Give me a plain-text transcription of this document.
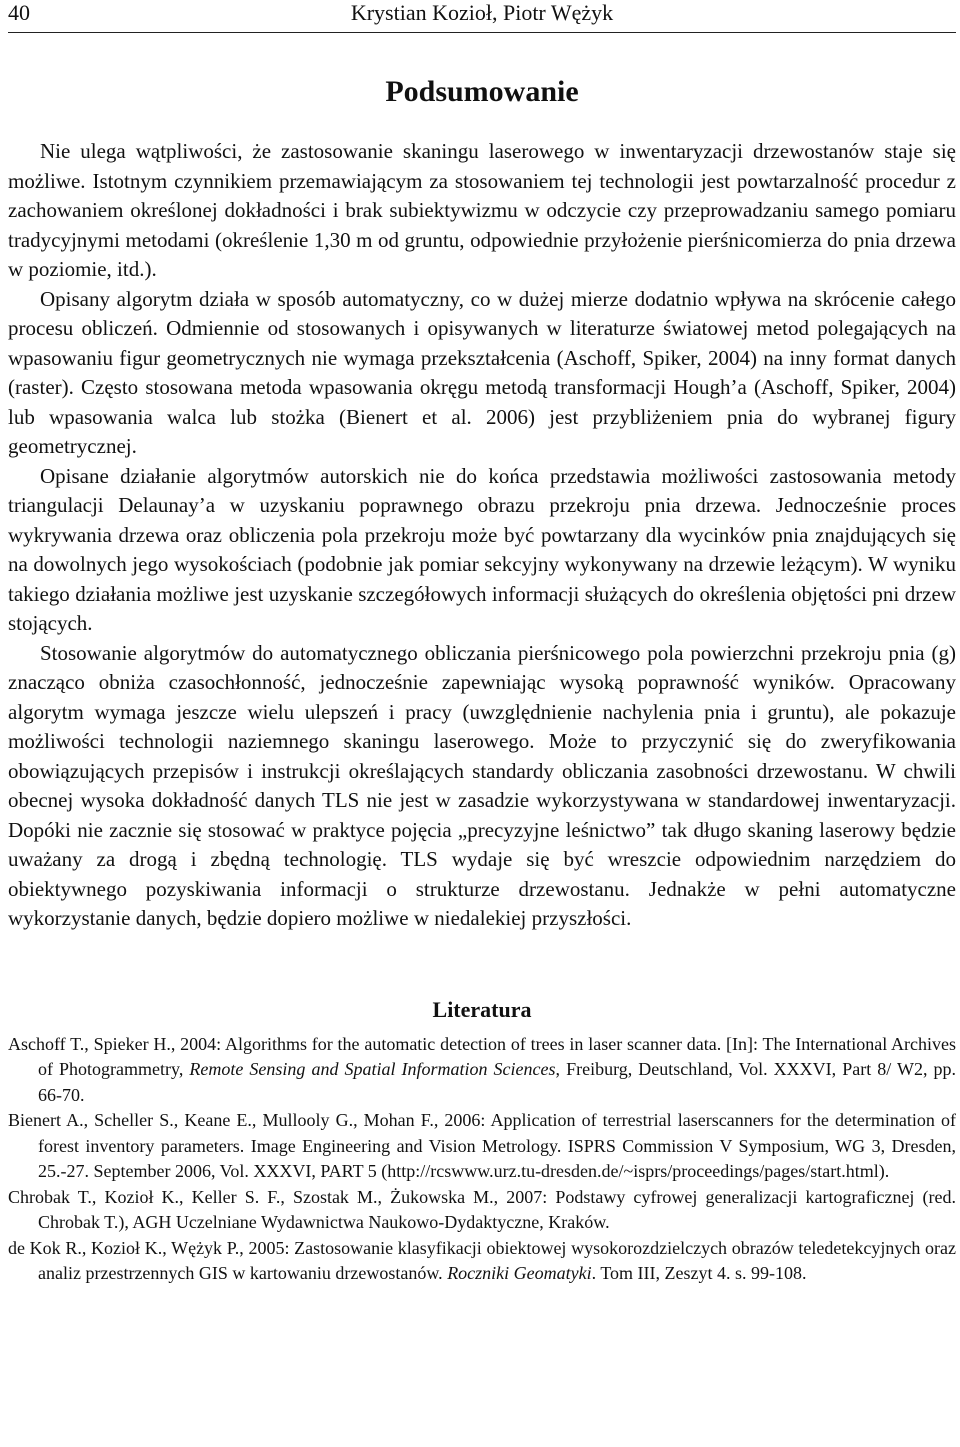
40	Krystian Kozioł, Piotr Wężyk
Podsumowanie

Nie ulega wątpliwości, że zastosowanie skaningu laserowego w inwentaryzacji drzewostanów staje się możliwe. Istotnym czynnikiem przemawiającym za stosowaniem tej technologii jest powtarzalność procedur z zachowaniem określonej dokładności i brak subiektywizmu w odczycie czy przeprowadzaniu samego pomiaru tradycyjnymi metodami (określenie 1,30 m od gruntu, odpowiednie przyłożenie pierśnicomierza do pnia drzewa w poziomie, itd.).

Opisany algorytm działa w sposób automatyczny, co w dużej mierze dodatnio wpływa na skrócenie całego procesu obliczeń. Odmiennie od stosowanych i opisywanych w literaturze światowej metod polegających na wpasowaniu figur geometrycznych nie wymaga przekształcenia (Aschoff, Spiker, 2004) na inny format danych (raster). Często stosowana metoda wpasowania okręgu metodą transformacji Hough’a (Aschoff, Spiker, 2004) lub wpasowania walca lub stożka (Bienert et al. 2006) jest przybliżeniem pnia do wybranej figury geometrycznej.

Opisane działanie algorytmów autorskich nie do końca przedstawia możliwości zastosowania metody triangulacji Delaunay’a w uzyskaniu poprawnego obrazu przekroju pnia drzewa. Jednocześnie proces wykrywania drzewa oraz obliczenia pola przekroju może być powtarzany dla wycinków pnia znajdujących się na dowolnych jego wysokościach (podobnie jak pomiar sekcyjny wykonywany na drzewie leżącym). W wyniku takiego działania możliwe jest uzyskanie szczegółowych informacji służących do określenia objętości pni drzew stojących.

Stosowanie algorytmów do automatycznego obliczania pierśnicowego pola powierzchni przekroju pnia (g) znacząco obniża czasochłonność, jednocześnie zapewniając wysoką poprawność wyników. Opracowany algorytm wymaga jeszcze wielu ulepszeń i pracy (uwzględnienie nachylenia pnia i gruntu), ale pokazuje możliwości technologii naziemnego skaningu laserowego. Może to przyczynić się do zweryfikowania obowiązujących przepisów i instrukcji określających standardy obliczania zasobności drzewostanu. W chwili obecnej wysoka dokładność danych TLS nie jest w zasadzie wykorzystywana w standardowej inwentaryzacji. Dopóki nie zacznie się stosować w praktyce pojęcia „precyzyjne leśnictwo” tak długo skaning laserowy będzie uważany za drogą i zbędną technologię. TLS wydaje się być wreszcie odpowiednim narzędziem do obiektywnego pozyskiwania informacji o strukturze drzewostanu. Jednakże w pełni automatyczne wykorzystanie danych, będzie dopiero możliwe w niedalekiej przyszłości.

Literatura

Aschoff T., Spieker H., 2004: Algorithms for the automatic detection of trees in laser scanner data. [In]: The International Archives of Photogrammetry, Remote Sensing and Spatial Information Sciences, Freiburg, Deutschland, Vol. XXXVI, Part 8/ W2, pp. 66-70.

Bienert A., Scheller S., Keane E., Mullooly G., Mohan F., 2006: Application of terrestrial laserscanners for the determination of forest inventory parameters. Image Engineering and Vision Metrology. ISPRS Commission V Symposium, WG 3, Dresden, 25.-27. September 2006, Vol. XXXVI, PART 5 (http://rcswww.urz.tu-dresden.de/~isprs/proceedings/pages/start.html).

Chrobak T., Kozioł K., Keller S. F., Szostak M., Żukowska M., 2007: Podstawy cyfrowej generalizacji kartograficznej (red. Chrobak T.), AGH Uczelniane Wydawnictwa Naukowo-Dydaktyczne, Kraków.

de Kok R., Kozioł K., Wężyk P., 2005: Zastosowanie klasyfikacji obiektowej wysokorozdzielczych obrazów teledetekcyjnych oraz analiz przestrzennych GIS w kartowaniu drzewostanów. Roczniki Geomatyki. Tom III, Zeszyt 4. s. 99-108.
